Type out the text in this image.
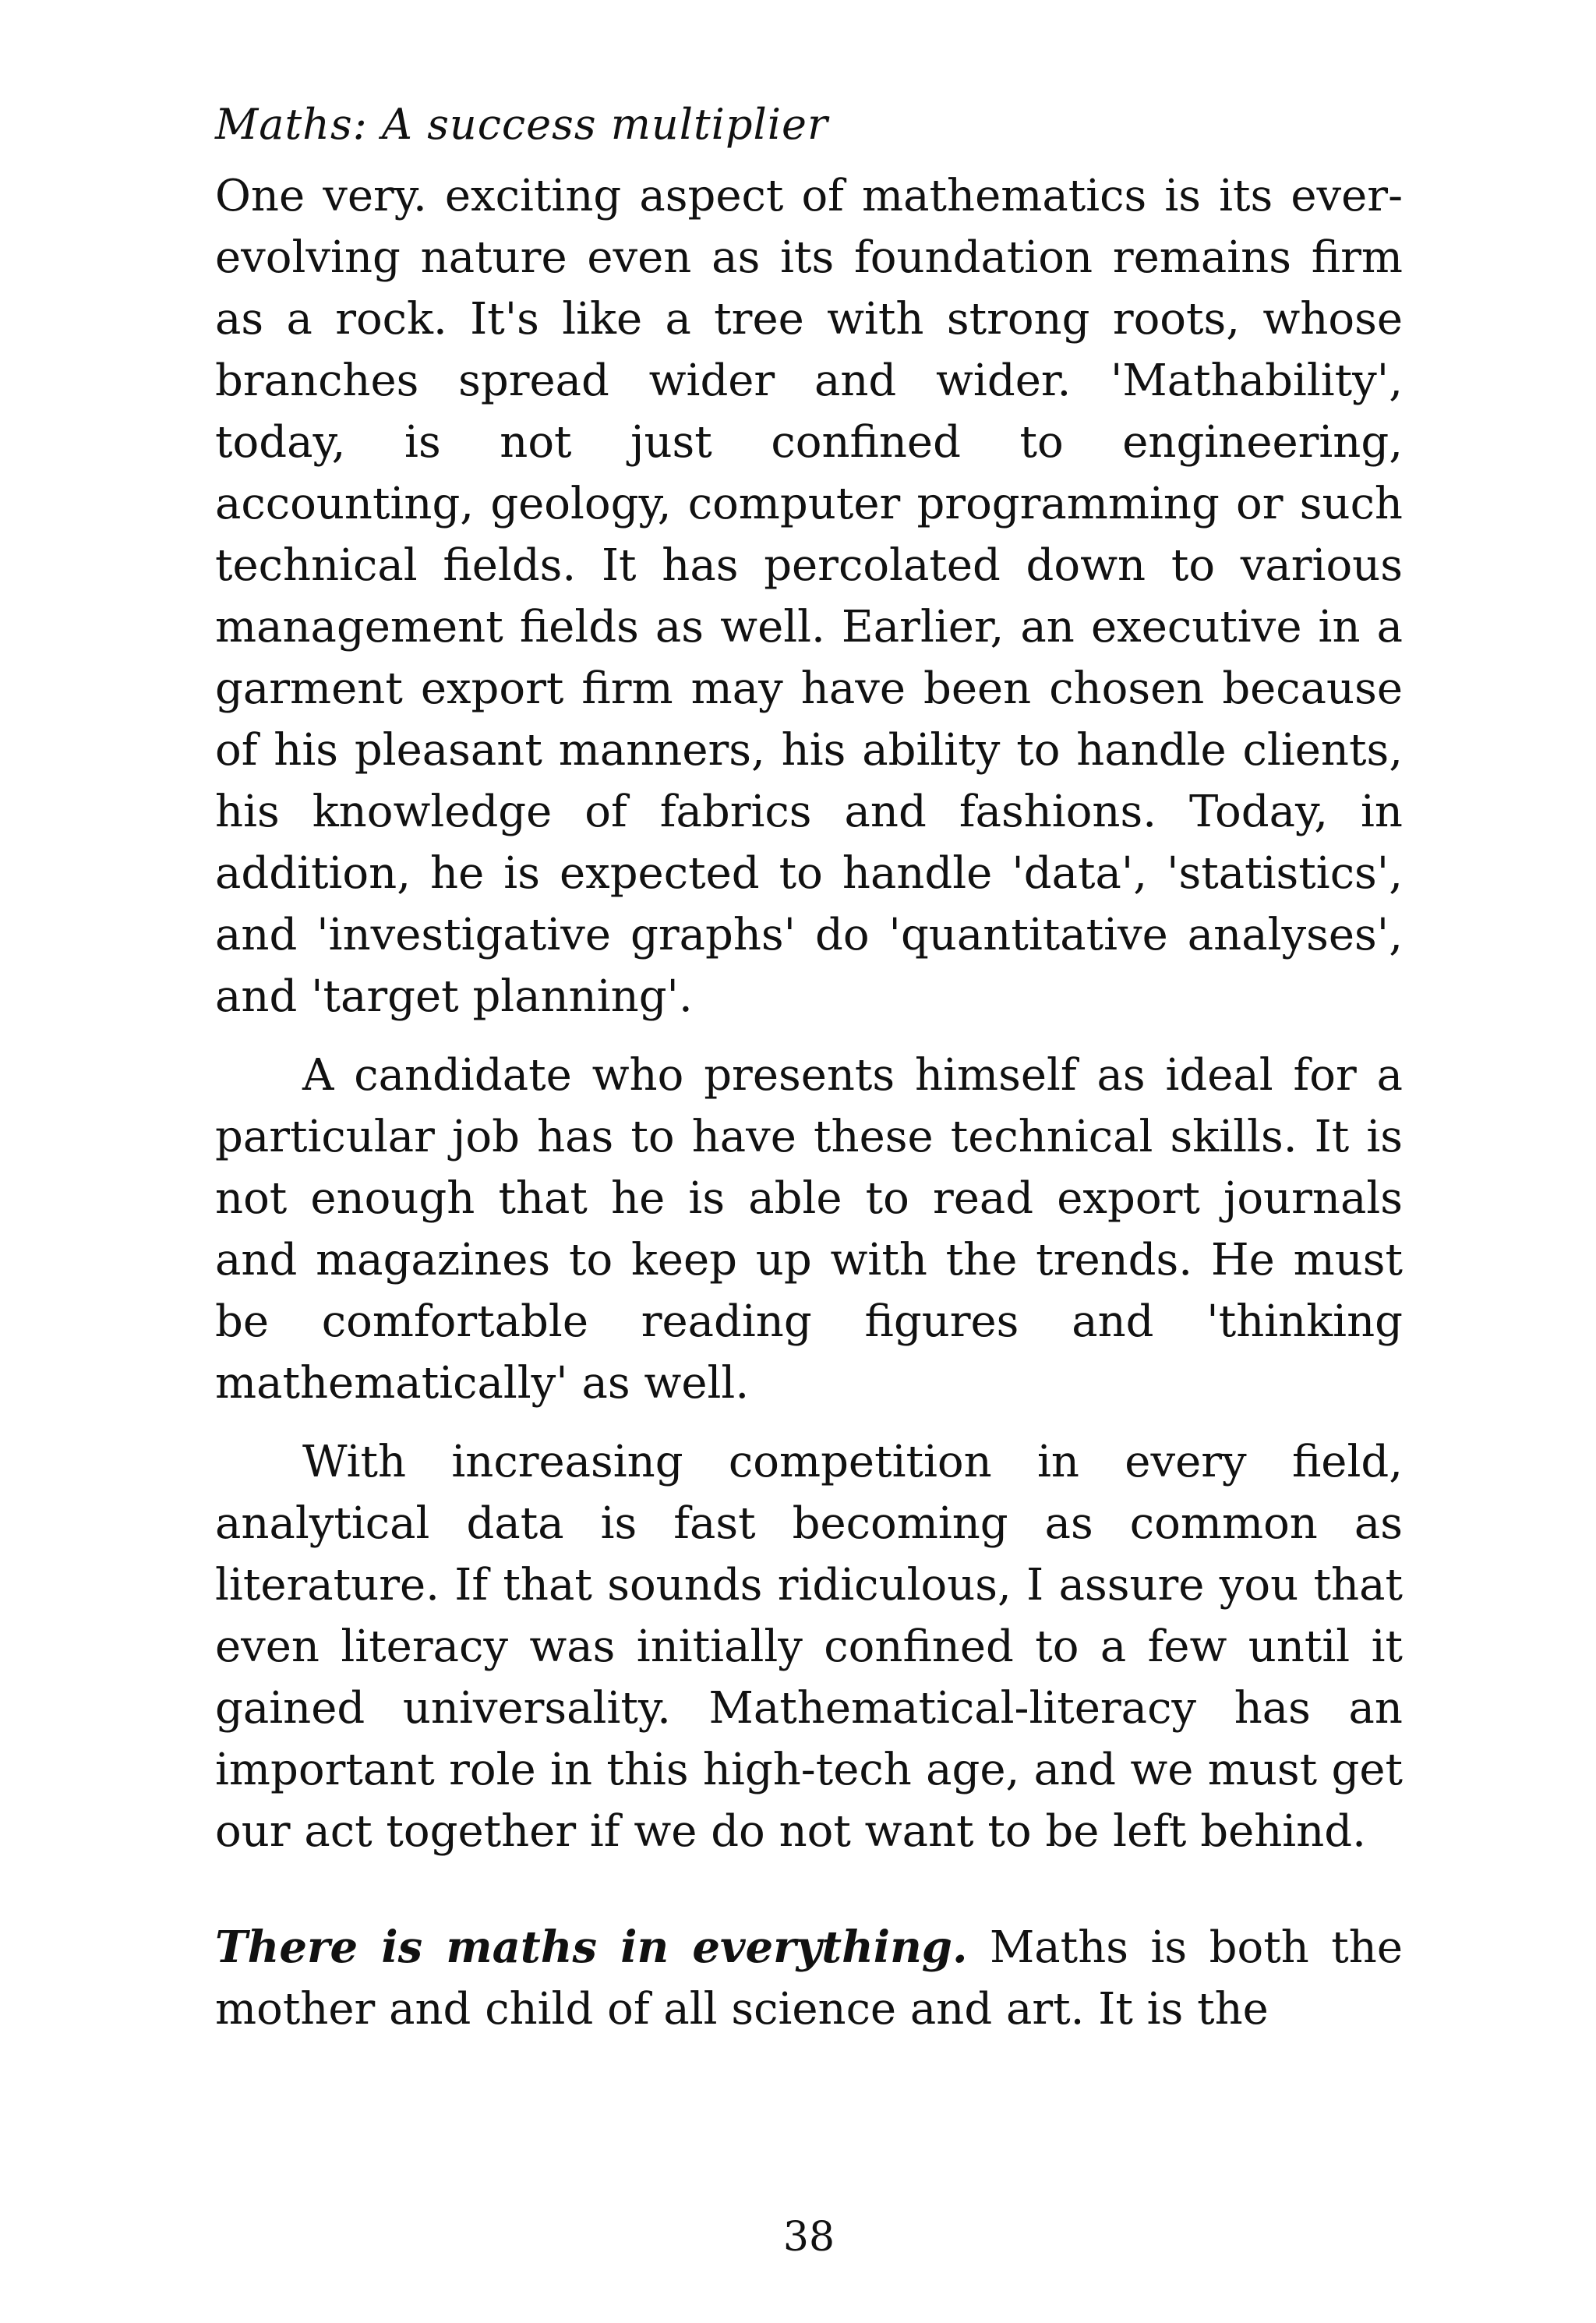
Maths: A success multiplier

One very. exciting aspect of mathematics is its ever-evolving nature even as its foundation remains firm as a rock. It's like a tree with strong roots, whose branches spread wider and wider. 'Mathability', today, is not just confined to engineering, accounting, geology, computer programming or such technical fields. It has percolated down to various management fields as well. Earlier, an executive in a garment export firm may have been chosen because of his pleasant manners, his ability to handle clients, his knowledge of fabrics and fashions. Today, in addition, he is expected to handle 'data', 'statistics', and 'investigative graphs' do 'quantitative analyses', and 'target planning'.

A candidate who presents himself as ideal for a particular job has to have these technical skills. It is not enough that he is able to read export journals and magazines to keep up with the trends. He must be comfortable reading figures and 'thinking mathematically' as well.

With increasing competition in every field, analytical data is fast becoming as common as literature. If that sounds ridiculous, I assure you that even literacy was initially confined to a few until it gained universality. Mathematical-literacy has an important role in this high-tech age, and we must get our act together if we do not want to be left behind.

There is maths in everything. Maths is both the mother and child of all science and art. It is the

38
